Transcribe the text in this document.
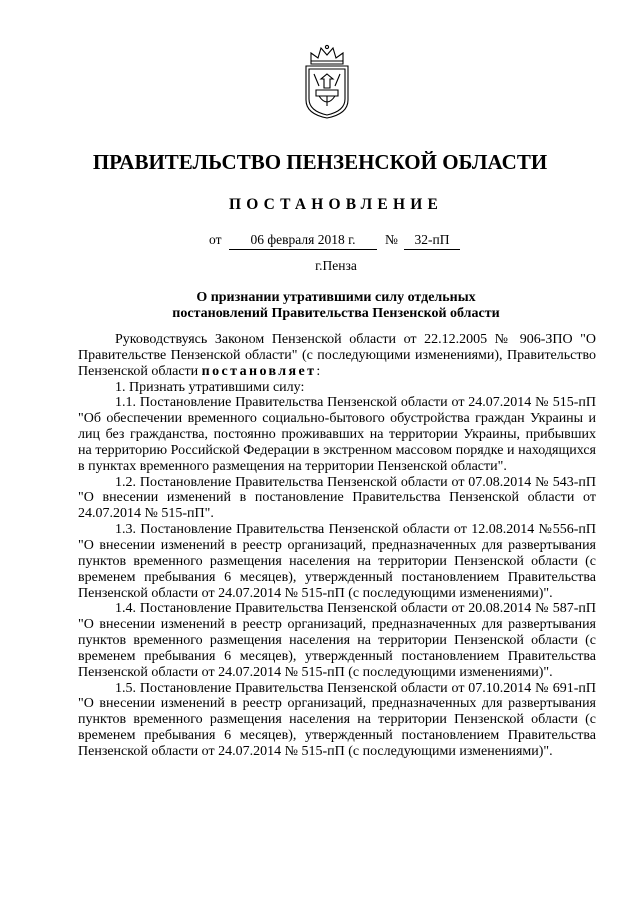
ПРАВИТЕЛЬСТВО ПЕНЗЕНСКОЙ ОБЛАСТИ
ПОСТАНОВЛЕНИЕ
от	06 февраля 2018 г.	№	32-пП
г.Пенза
О признании утратившими силу отдельных
постановлений Правительства Пензенской области

Руководствуясь Законом Пензенской области от 22.12.2005 № 906-ЗПО "О Правительстве Пензенской области" (с последующими изменениями), Правительство Пензенской области постановляет:

1. Признать утратившими силу:

1.1. Постановление Правительства Пензенской области от 24.07.2014 № 515-пП "Об обеспечении временного социально-бытового обустройства граждан Украины и лиц без гражданства, постоянно проживавших на территории Украины, прибывших на территорию Российской Федерации в экстренном массовом порядке и находящихся в пунктах временного размещения на территории Пензенской области".

1.2. Постановление Правительства Пензенской области от 07.08.2014 № 543-пП "О внесении изменений в постановление Правительства Пензенской области от 24.07.2014 № 515-пП".

1.3. Постановление Правительства Пензенской области от 12.08.2014 №556-пП "О внесении изменений в реестр организаций, предназначенных для развертывания пунктов временного размещения населения на территории Пензенской области (с временем пребывания 6 месяцев), утвержденный постановлением Правительства Пензенской области от 24.07.2014 № 515-пП (с последующими изменениями)".

1.4. Постановление Правительства Пензенской области от 20.08.2014 № 587-пП "О внесении изменений в реестр организаций, предназначенных для развертывания пунктов временного размещения населения на территории Пензенской области (с временем пребывания 6 месяцев), утвержденный постановлением Правительства Пензенской области от 24.07.2014 № 515-пП (с последующими изменениями)".

1.5. Постановление Правительства Пензенской области от 07.10.2014 № 691-пП "О внесении изменений в реестр организаций, предназначенных для развертывания пунктов временного размещения населения на территории Пензенской области (с временем пребывания 6 месяцев), утвержденный постановлением Правительства Пензенской области от 24.07.2014 № 515-пП (с последующими изменениями)".
